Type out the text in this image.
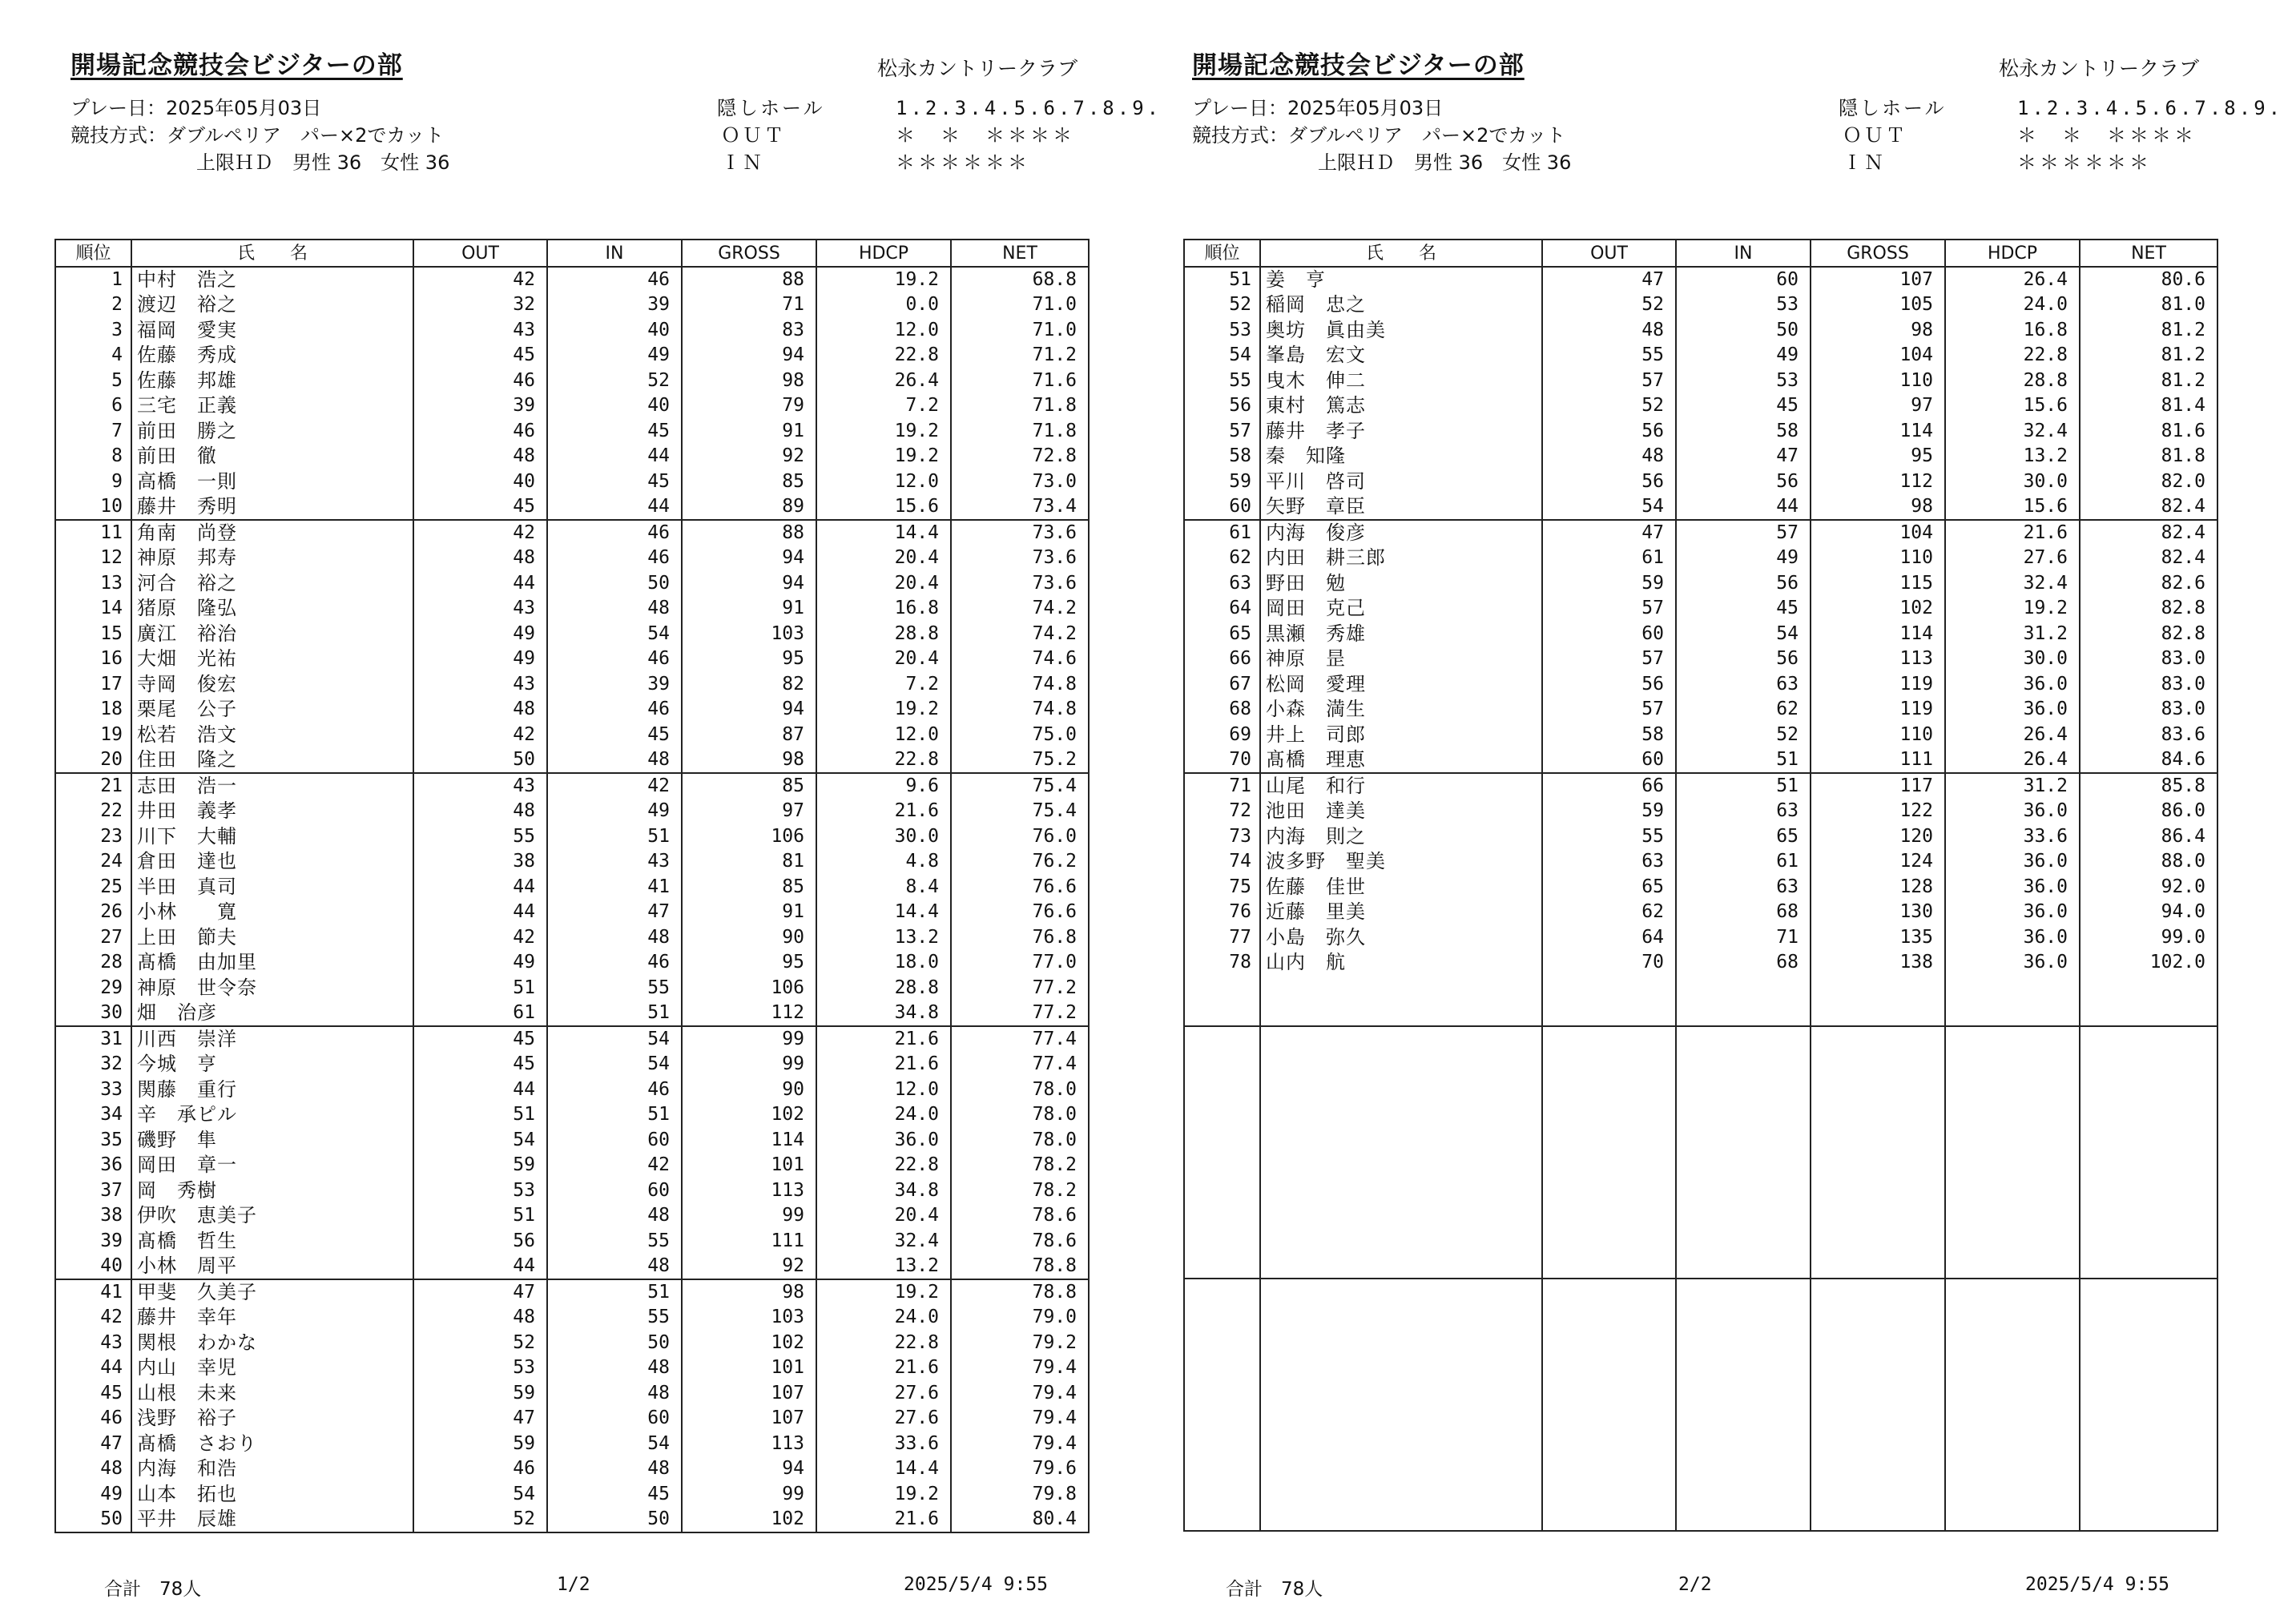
開場記念競技会ビジターの部	松永カントリークラブ
プレー日：2025年05月03日
競技方式：ダブルペリア　パー×2でカット
上限ＨＤ　男性 36　女性 36
隠しホール
ＯＵＴ
ＩＮ
1.2.3.4.5.6.7.8.9.
＊　＊　＊＊＊＊
＊＊＊＊＊＊
順位	氏　　名	OUT	IN	GROSS	HDCP	NET
1	中村　浩之	42	46	88	19.2	68.8
2	渡辺　裕之	32	39	71	0.0	71.0
3	福岡　愛実	43	40	83	12.0	71.0
4	佐藤　秀成	45	49	94	22.8	71.2
5	佐藤　邦雄	46	52	98	26.4	71.6
6	三宅　正義	39	40	79	7.2	71.8
7	前田　勝之	46	45	91	19.2	71.8
8	前田　徹	48	44	92	19.2	72.8
9	高橋　一則	40	45	85	12.0	73.0
10	藤井　秀明	45	44	89	15.6	73.4
11	角南　尚登	42	46	88	14.4	73.6
12	神原　邦寿	48	46	94	20.4	73.6
13	河合　裕之	44	50	94	20.4	73.6
14	猪原　隆弘	43	48	91	16.8	74.2
15	廣江　裕治	49	54	103	28.8	74.2
16	大畑　光祐	49	46	95	20.4	74.6
17	寺岡　俊宏	43	39	82	7.2	74.8
18	栗尾　公子	48	46	94	19.2	74.8
19	松若　浩文	42	45	87	12.0	75.0
20	住田　隆之	50	48	98	22.8	75.2
21	志田　浩一	43	42	85	9.6	75.4
22	井田　義孝	48	49	97	21.6	75.4
23	川下　大輔	55	51	106	30.0	76.0
24	倉田　達也	38	43	81	4.8	76.2
25	半田　真司	44	41	85	8.4	76.6
26	小林　　寛	44	47	91	14.4	76.6
27	上田　節夫	42	48	90	13.2	76.8
28	髙橋　由加里	49	46	95	18.0	77.0
29	神原　世令奈	51	55	106	28.8	77.2
30	畑　治彦	61	51	112	34.8	77.2
31	川西　崇洋	45	54	99	21.6	77.4
32	今城　亨	45	54	99	21.6	77.4
33	関藤　重行	44	46	90	12.0	78.0
34	辛　承ピル	51	51	102	24.0	78.0
35	磯野　隼	54	60	114	36.0	78.0
36	岡田　章一	59	42	101	22.8	78.2
37	岡　秀樹	53	60	113	34.8	78.2
38	伊吹　恵美子	51	48	99	20.4	78.6
39	髙橋　哲生	56	55	111	32.4	78.6
40	小林　周平	44	48	92	13.2	78.8
41	甲斐　久美子	47	51	98	19.2	78.8
42	藤井　幸年	48	55	103	24.0	79.0
43	関根　わかな	52	50	102	22.8	79.2
44	内山　幸児	53	48	101	21.6	79.4
45	山根　未来	59	48	107	27.6	79.4
46	浅野　裕子	47	60	107	27.6	79.4
47	髙橋　さおり	59	54	113	33.6	79.4
48	内海　和浩	46	48	94	14.4	79.6
49	山本　拓也	54	45	99	19.2	79.8
50	平井　辰雄	52	50	102	21.6	80.4
合計　78人	1/2	2025/5/4 9:55
開場記念競技会ビジターの部	松永カントリークラブ
プレー日：2025年05月03日
競技方式：ダブルペリア　パー×2でカット
上限ＨＤ　男性 36　女性 36
隠しホール
ＯＵＴ
ＩＮ
1.2.3.4.5.6.7.8.9.
＊　＊　＊＊＊＊
＊＊＊＊＊＊
順位	氏　　名	OUT	IN	GROSS	HDCP	NET
51	姜　亨	47	60	107	26.4	80.6
52	稲岡　忠之	52	53	105	24.0	81.0
53	奥坊　眞由美	48	50	98	16.8	81.2
54	峯島　宏文	55	49	104	22.8	81.2
55	曳木　伸二	57	53	110	28.8	81.2
56	東村　篤志	52	45	97	15.6	81.4
57	藤井　孝子	56	58	114	32.4	81.6
58	秦　知隆	48	47	95	13.2	81.8
59	平川　啓司	56	56	112	30.0	82.0
60	矢野　章臣	54	44	98	15.6	82.4
61	内海　俊彦	47	57	104	21.6	82.4
62	内田　耕三郎	61	49	110	27.6	82.4
63	野田　勉	59	56	115	32.4	82.6
64	岡田　克己	57	45	102	19.2	82.8
65	黒瀬　秀雄	60	54	114	31.2	82.8
66	神原　昰	57	56	113	30.0	83.0
67	松岡　愛理	56	63	119	36.0	83.0
68	小森　満生	57	62	119	36.0	83.0
69	井上　司郎	58	52	110	26.4	83.6
70	髙橋　理恵	60	51	111	26.4	84.6
71	山尾　和行	66	51	117	31.2	85.8
72	池田　達美	59	63	122	36.0	86.0
73	内海　則之	55	65	120	33.6	86.4
74	波多野　聖美	63	61	124	36.0	88.0
75	佐藤　佳世	65	63	128	36.0	92.0
76	近藤　里美	62	68	130	36.0	94.0
77	小島　弥久	64	71	135	36.0	99.0
78	山内　航	70	68	138	36.0	102.0

合計　78人	2/2	2025/5/4 9:55
